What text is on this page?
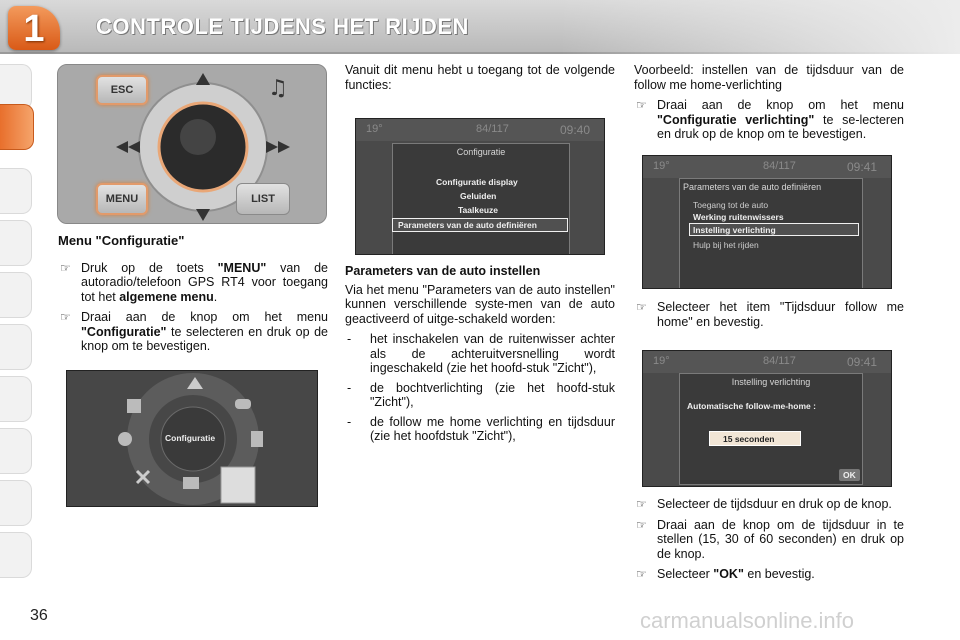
1	CONTROLE TIJDENS HET RIJDEN
♫
ESC
MENU	LIST
Menu "Configuratie"
☞ Druk op de toets "MENU" van de autoradio/telefoon GPS RT4 voor toegang tot het algemene menu.
☞ Draai aan de knop om het menu "Configuratie" te selecteren en druk op de knop om te bevestigen.
Configuratie
Vanuit dit menu hebt u toegang tot de volgende functies:
19°	84/117	09:40
Configuratie
Configuratie display
Geluiden
Taalkeuze
Parameters van de auto definiëren
Parameters van de auto instellen
Via het menu "Parameters van de auto instellen" kunnen verschillende syste-men van de auto geactiveerd of uitge-schakeld worden:
- het inschakelen van de ruitenwisser achter als de achteruitversnelling wordt ingeschakeld (zie het hoofd-stuk "Zicht"),
- de bochtverlichting (zie het hoofd-stuk "Zicht"),
- de follow me home verlichting en tijdsduur (zie het hoofdstuk "Zicht"),
Voorbeeld: instellen van de tijdsduur van de follow me home-verlichting
☞ Draai aan de knop om het menu "Configuratie verlichting" te se-lecteren en druk op de knop om te bevestigen.
19°	84/117	09:41
Parameters van de auto definiëren
Toegang tot de auto
Werking ruitenwissers
Instelling verlichting
Hulp bij het rijden
☞ Selecteer het item "Tijdsduur follow me home" en bevestig.
19°	84/117	09:41
Instelling verlichting
Automatische follow-me-home :
15 seconden
OK
☞ Selecteer de tijdsduur en druk op de knop.
☞ Draai aan de knop om de tijdsduur in te stellen (15, 30 of 60 seconden) en druk op de knop.
☞ Selecteer "OK" en bevestig.
36	carmanualsonline.info
